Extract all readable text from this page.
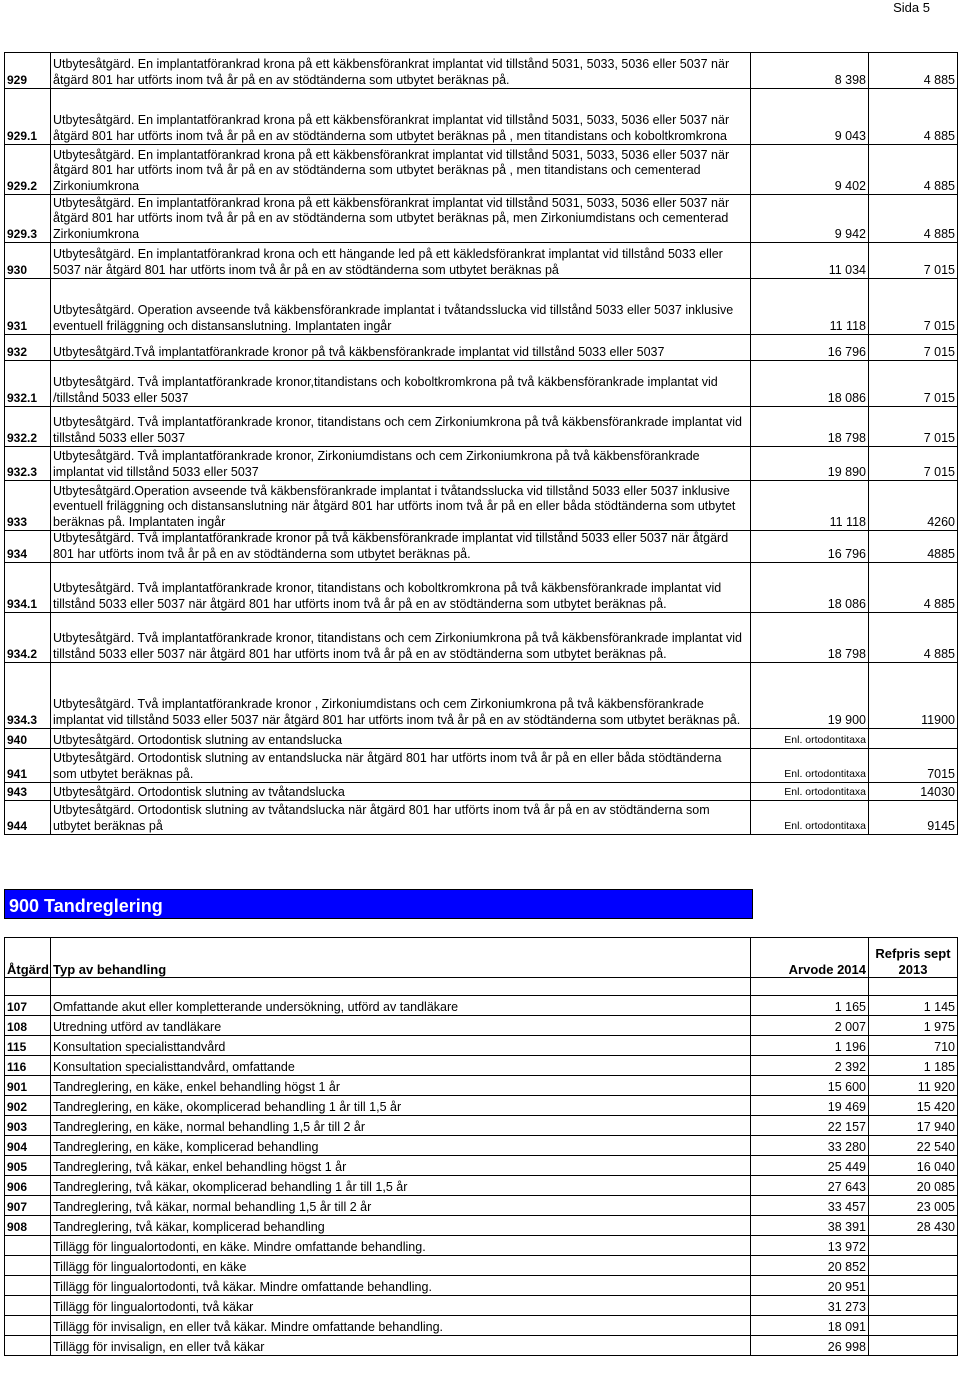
Sida 5
929	Utbytesåtgärd. En implantatförankrad krona på ett käkbensförankrat implantat vid tillstånd 5031, 5033, 5036 eller 5037 när åtgärd 801 har utförts inom två år på en av stödtänderna som utbytet beräknas på.	8 398	4 885
929.1	Utbytesåtgärd. En implantatförankrad krona på ett käkbensförankrat implantat vid tillstånd 5031, 5033, 5036 eller 5037 när åtgärd 801 har utförts inom två år på en av stödtänderna som utbytet beräknas på , men titandistans och koboltkromkrona	9 043	4 885
929.2	Utbytesåtgärd. En implantatförankrad krona på ett käkbensförankrat implantat vid tillstånd 5031, 5033, 5036 eller 5037 när åtgärd 801 har utförts inom två år på en av stödtänderna som utbytet beräknas på , men titandistans och cementerad Zirkoniumkrona	9 402	4 885
929.3	Utbytesåtgärd. En implantatförankrad krona på ett käkbensförankrat implantat vid tillstånd 5031, 5033, 5036 eller 5037 när åtgärd 801 har utförts inom två år på en av stödtänderna som utbytet beräknas på, men Zirkoniumdistans och cementerad Zirkoniumkrona	9 942	4 885
930	Utbytesåtgärd. En implantatförankrad krona och ett hängande led på ett käkledsförankrat implantat vid tillstånd 5033 eller 5037 när åtgärd 801 har utförts inom två år på en av stödtänderna som utbytet beräknas på	11 034	7 015
931	Utbytesåtgärd. Operation avseende två käkbensförankrade implantat i tvåtandsslucka vid tillstånd 5033 eller 5037 inklusive eventuell friläggning och distansanslutning. Implantaten ingår	11 118	7 015
932	Utbytesåtgärd.Två implantatförankrade kronor på två käkbensförankrade implantat vid tillstånd 5033 eller 5037	16 796	7 015
932.1	Utbytesåtgärd. Två implantatförankrade kronor,titandistans och koboltkromkrona på två käkbensförankrade implantat vid /tillstånd 5033 eller 5037	18 086	7 015
932.2	Utbytesåtgärd. Två implantatförankrade kronor, titandistans och cem Zirkoniumkrona på två käkbensförankrade implantat vid tillstånd 5033 eller 5037	18 798	7 015
932.3	Utbytesåtgärd. Två implantatförankrade kronor, Zirkoniumdistans och cem Zirkoniumkrona på två käkbensförankrade implantat vid tillstånd 5033 eller 5037	19 890	7 015
933	Utbytesåtgärd.Operation avseende två käkbensförankrade implantat i tvåtandsslucka vid tillstånd 5033 eller 5037 inklusive eventuell friläggning och distansanslutning när åtgärd 801 har utförts inom två år på en eller båda stödtänderna som utbytet beräknas på. Implantaten ingår	11 118	4260
934	Utbytesåtgärd. Två implantatförankrade kronor på två käkbensförankrade implantat vid tillstånd 5033 eller 5037 när åtgärd 801 har utförts inom två år på en av stödtänderna som utbytet beräknas på.	16 796	4885
934.1	Utbytesåtgärd. Två implantatförankrade kronor, titandistans och koboltkromkrona på två käkbensförankrade implantat vid tillstånd 5033 eller 5037 när åtgärd 801 har utförts inom två år på en av stödtänderna som utbytet beräknas på.	18 086	4 885
934.2	Utbytesåtgärd. Två implantatförankrade kronor, titandistans och cem Zirkoniumkrona på två käkbensförankrade implantat vid tillstånd 5033 eller 5037 när åtgärd 801 har utförts inom två år på en av stödtänderna som utbytet beräknas på.	18 798	4 885
934.3	Utbytesåtgärd. Två implantatförankrade kronor , Zirkoniumdistans och cem Zirkoniumkrona på två käkbensförankrade implantat vid tillstånd 5033 eller 5037 när åtgärd 801 har utförts inom två år på en av stödtänderna som utbytet beräknas på.	19 900	11900
940	Utbytesåtgärd. Ortodontisk slutning av entandslucka	Enl. ortodontitaxa	
941	Utbytesåtgärd. Ortodontisk slutning av entandslucka när åtgärd 801 har utförts inom två år på en eller båda stödtänderna som utbytet beräknas på.	Enl. ortodontitaxa	7015
943	Utbytesåtgärd. Ortodontisk slutning av tvåtandslucka	Enl. ortodontitaxa	14030
944	Utbytesåtgärd. Ortodontisk slutning av tvåtandslucka när åtgärd 801 har utförts inom två år på en av stödtänderna som utbytet beräknas på	Enl. ortodontitaxa	9145
900 Tandreglering
Åtgärd	Typ av behandling	Arvode 2014	Refpris sept 2013

107	Omfattande akut eller kompletterande undersökning, utförd av tandläkare	1 165	1 145
108	Utredning utförd av tandläkare	2 007	1 975
115	Konsultation specialisttandvård	1 196	710
116	Konsultation specialisttandvård, omfattande	2 392	1 185
901	Tandreglering, en käke, enkel behandling högst 1 år	15 600	11 920
902	Tandreglering, en käke, okomplicerad behandling 1 år till 1,5 år	19 469	15 420
903	Tandreglering, en käke, normal behandling 1,5 år till 2 år	22 157	17 940
904	Tandreglering, en käke, komplicerad behandling	33 280	22 540
905	Tandreglering, två käkar, enkel behandling högst 1 år	25 449	16 040
906	Tandreglering, två käkar, okomplicerad behandling 1 år till 1,5 år	27 643	20 085
907	Tandreglering, två käkar, normal behandling 1,5 år till 2 år	33 457	23 005
908	Tandreglering, två käkar, komplicerad behandling	38 391	28 430
	Tillägg för lingualortodonti, en käke. Mindre omfattande behandling.	13 972	
	Tillägg för lingualortodonti, en käke	20 852	
	Tillägg för lingualortodonti, två käkar. Mindre omfattande behandling.	20 951	
	Tillägg för lingualortodonti, två käkar	31 273	
	Tillägg för invisalign, en eller två käkar. Mindre omfattande behandling.	18 091	
	Tillägg för invisalign, en eller två käkar	26 998	
